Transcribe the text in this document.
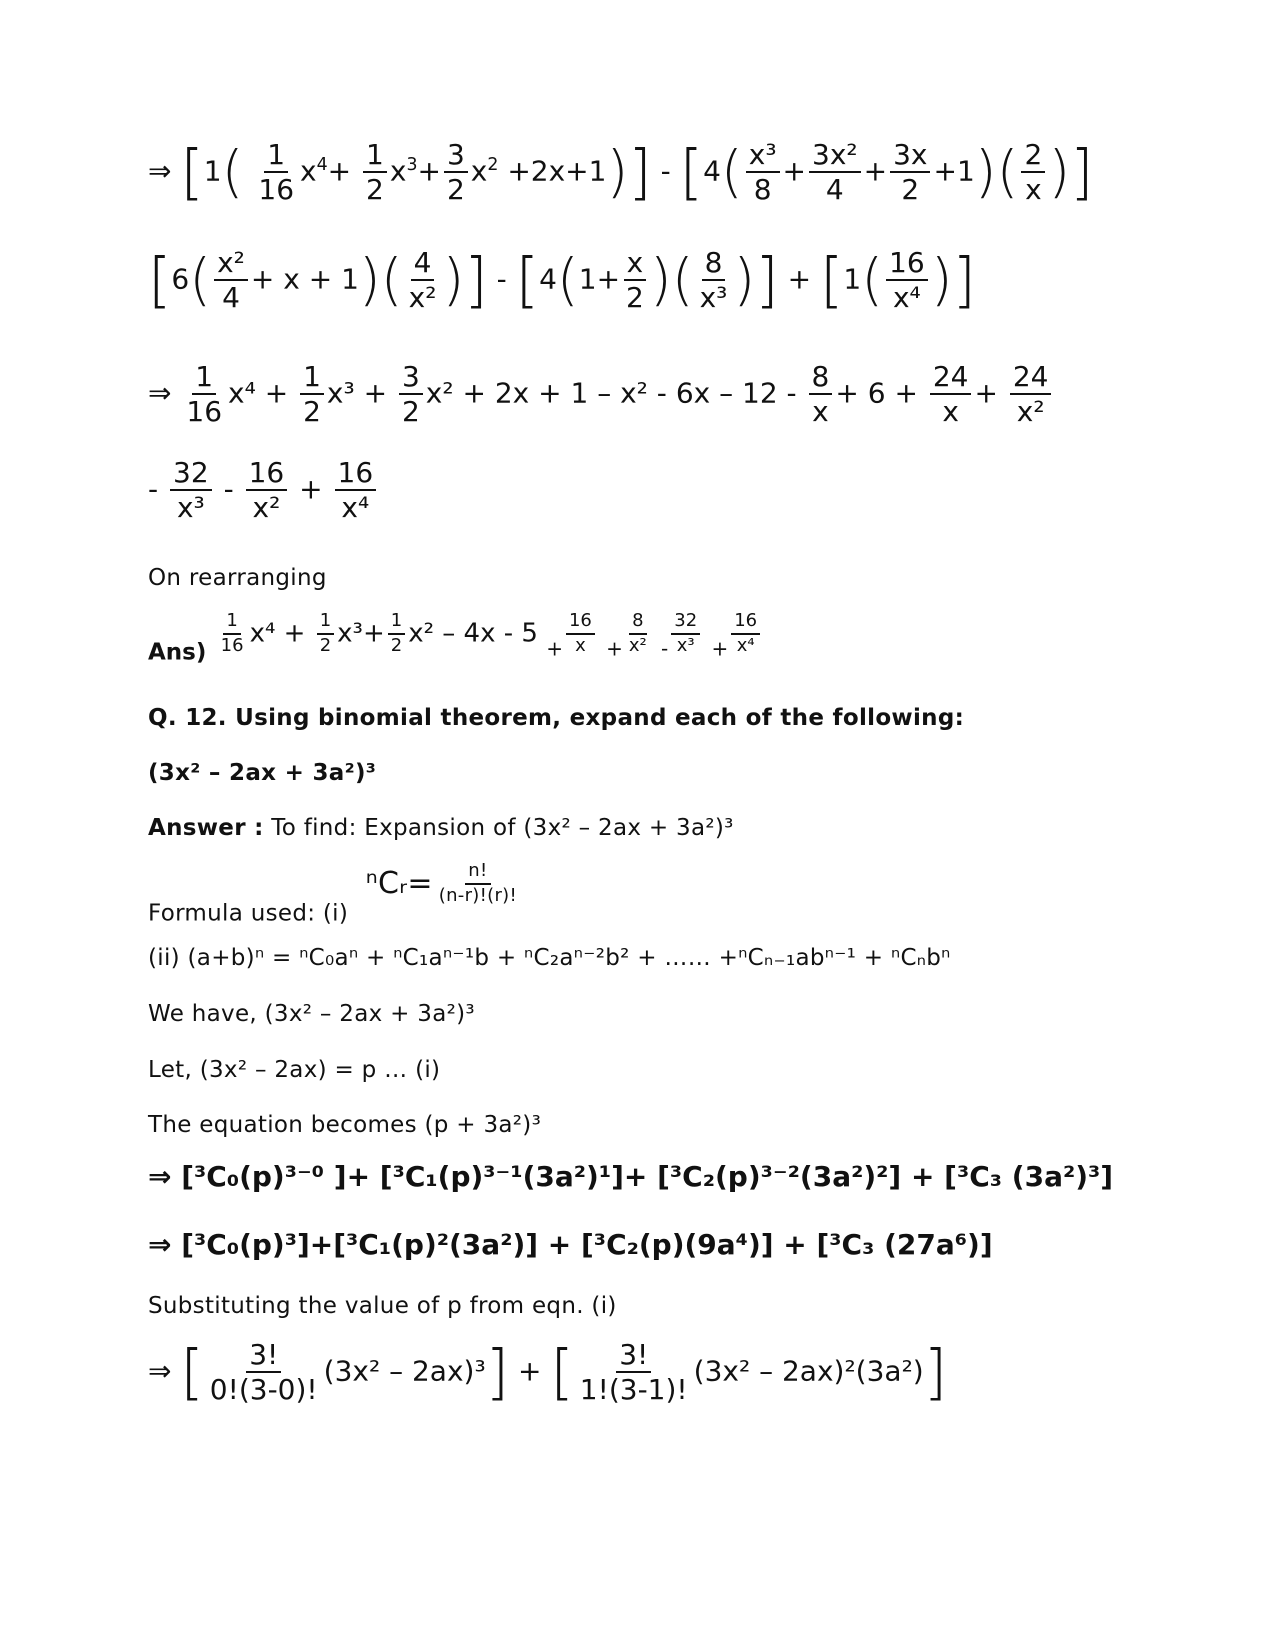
⇒ $[1( \frac{1}{16} x^4+ \frac{1}{2} x^3+ \frac{3}{2} x^2 +2x+1)] - [4( \frac{\text{x³}}{8} + \frac{\text{3x²}}{4} + \frac{3x}{2} +1)( \frac{2}{x}$ )]
[$6( \frac{\text{x²}}{4} + x + 1)( \frac{4}{\text{x²}}$ )] - [$4(1+ \frac{x}{2}$ )( $\frac{8}{\text{x³}}$ )] + [$1( \frac{16}{\text{x⁴}}$ )]
⇒ $\frac{1}{16} x^4 + \frac{1}{2} x^3 + \frac{3}{2} x^2 + 2x + 1 - x^2 - 6x - 12 - \frac{8}{x} + 6 + \frac{24}{x} + \frac{24}{\text{x²}}$
- $\frac{32}{\text{x³}} - \frac{16}{\text{x²}} + \frac{16}{\text{x⁴}}$
On rearranging
$Ans) \frac{1}{16} x^4 + \frac{1}{2} x^3+ \frac{1}{2} x^2 - 4x - 5$ $_+ \frac{16}{x} _+ \frac{8}{\text{x²}} _- \frac{32}{\text{x³}} _+ \frac{16}{\text{x⁴}}$
Q. 12. Using binomial theorem, expand each of the following:
(3x² – 2ax + 3a²)³
Answer : To find: Expansion of (3x² – 2ax + 3a²)³
Formula used: (i)
ⁿCᵣ= $\frac{n!}{(n-r)!(r)!}$
(ii) (a+b)ⁿ = ⁿC₀aⁿ + ⁿC₁aⁿ⁻¹b + ⁿC₂aⁿ⁻²b² + …… +ⁿCₙ₋₁abⁿ⁻¹ + ⁿCₙbⁿ
We have, (3x² – 2ax + 3a²)³
Let, (3x² – 2ax) = p … (i)
The equation becomes (p + 3a²)³
⇒ [³C₀(p)³⁻⁰ ]+ [³C₁(p)³⁻¹(3a²)¹]+ [³C₂(p)³⁻²(3a²)²] + [³C₃ (3a²)³]
⇒ [³C₀(p)³]+[³C₁(p)²(3a²)] + [³C₂(p)(9a⁴)] + [³C₃ (27a⁶)]
Substituting the value of p from eqn. (i)
⇒ [ $\frac{3!}{0!(3-0)!} (3x^2 - 2ax)^3$] + [ $\frac{3!}{1!(3-1)!} (3x^2 - 2ax)^2(3a^2)$]
